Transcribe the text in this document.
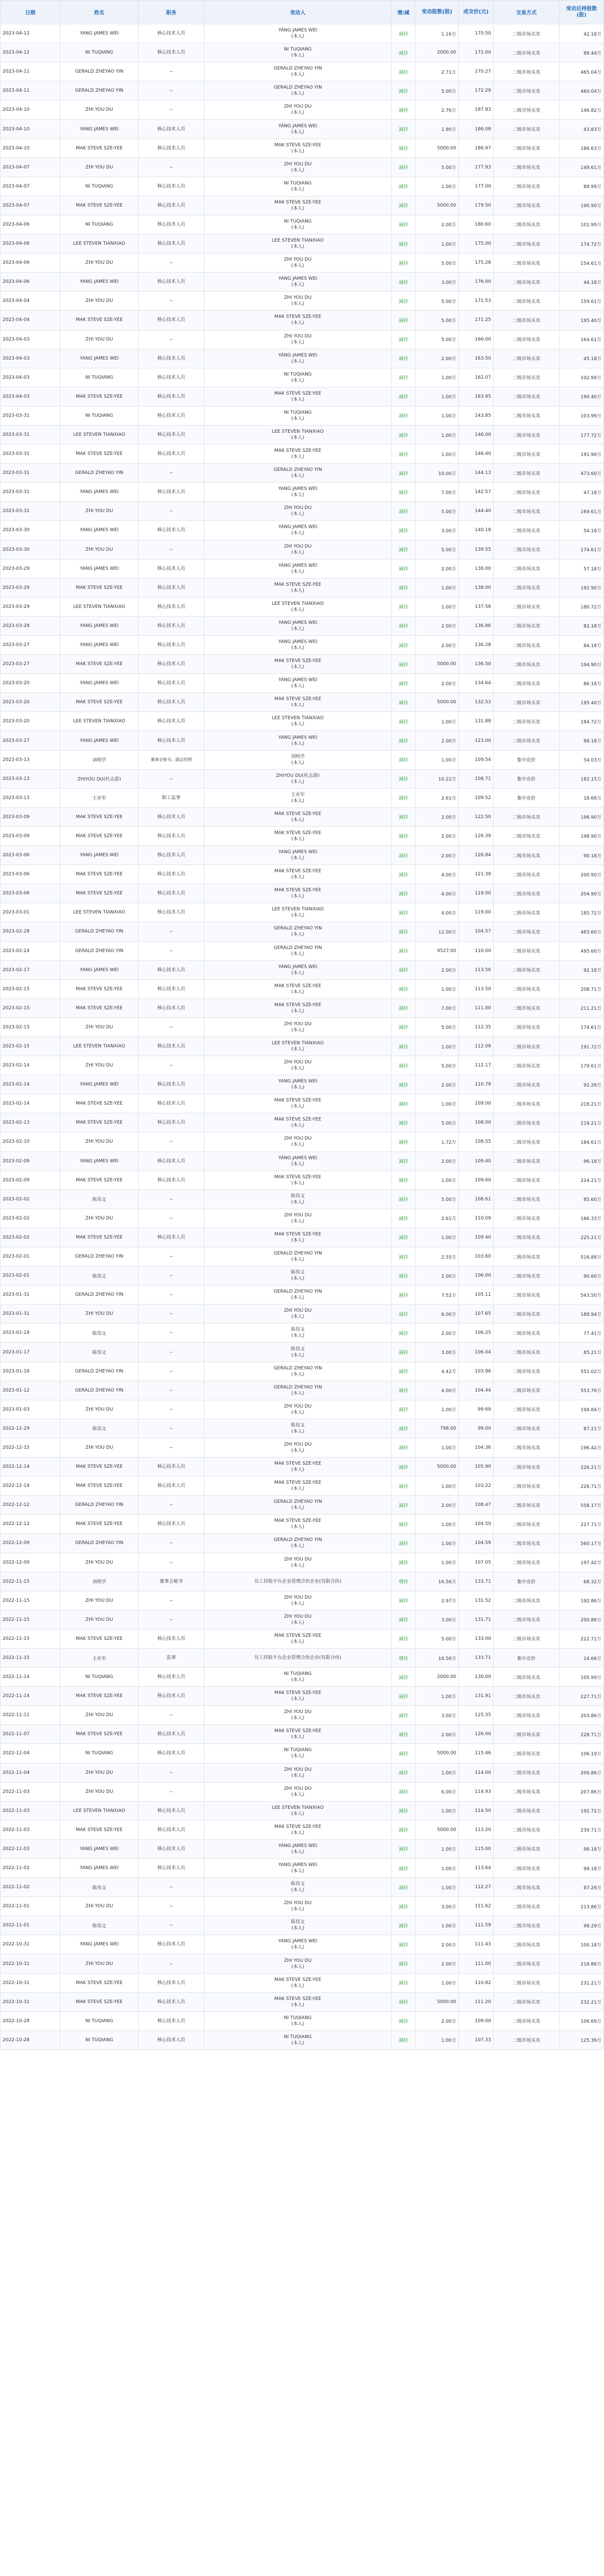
日期	姓名	职务	变动人	增/减	变动股数(股)	成交价(元)	交易方式	变动后持股数(股)
2023-04-12	YANG JAMES WEI	核心技术人员	YANG JAMES WEI
(本人)	减持	1.16万	170.50	二级市场买卖	42.18万
2023-04-12	NI TUQIANG	核心技术人员	NI TUQIANG
(本人)	减持	2000.00	172.00	二级市场买卖	88.44万
2023-04-11	GERALD ZHEYAO YIN	--	GERALD ZHEYAO YIN
(本人)	减持	2.71万	170.27	二级市场买卖	465.04万
2023-04-11	GERALD ZHEYAO YIN	--	GERALD ZHEYAO YIN
(本人)	减持	5.00万	172.29	二级市场买卖	460.04万
2023-04-10	ZHI YOU DU	--	ZHI YOU DU
(本人)	减持	2.76万	187.93	二级市场买卖	146.82万
2023-04-10	YANG JAMES WEI	核心技术人员	YANG JAMES WEI
(本人)	减持	1.90万	186.08	二级市场买卖	43.83万
2023-04-10	MAK STEVE SZE-YEE	核心技术人员	MAK STEVE SZE-YEE
(本人)	减持	5000.00	186.97	二级市场买卖	186.63万
2023-04-07	ZHI YOU DU	--	ZHI YOU DU
(本人)	减持	5.00万	177.93	二级市场买卖	149.61万
2023-04-07	NI TUQIANG	核心技术人员	NI TUQIANG
(本人)	减持	1.00万	177.00	二级市场买卖	88.99万
2023-04-07	MAK STEVE SZE-YEE	核心技术人员	MAK STEVE SZE-YEE
(本人)	减持	5000.00	179.50	二级市场买卖	190.90万
2023-04-06	NI TUQIANG	核心技术人员	NI TUQIANG
(本人)	减持	2.00万	180.60	二级市场买卖	101.99万
2023-04-06	LEE STEVEN TIANXIAO	核心技术人员	LEE STEVEN TIANXIAO
(本人)	减持	1.00万	175.00	二级市场买卖	174.72万
2023-04-06	ZHI YOU DU	--	ZHI YOU DU
(本人)	减持	5.00万	175.28	二级市场买卖	154.61万
2023-04-06	YANG JAMES WEI	核心技术人员	YANG JAMES WEI
(本人)	减持	3.00万	176.00	二级市场买卖	44.18万
2023-04-04	ZHI YOU DU	--	ZHI YOU DU
(本人)	减持	5.00万	171.53	二级市场买卖	159.61万
2023-04-04	MAK STEVE SZE-YEE	核心技术人员	MAK STEVE SZE-YEE
(本人)	减持	5.00万	171.25	二级市场买卖	195.40万
2023-04-03	ZHI YOU DU	--	ZHI YOU DU
(本人)	减持	5.00万	166.00	二级市场买卖	164.61万
2023-04-03	YANG JAMES WEI	核心技术人员	YANG JAMES WEI
(本人)	减持	2.00万	163.50	二级市场买卖	45.18万
2023-04-03	NI TUQIANG	核心技术人员	NI TUQIANG
(本人)	减持	1.00万	162.07	二级市场买卖	102.99万
2023-04-03	MAK STEVE SZE-YEE	核心技术人员	MAK STEVE SZE-YEE
(本人)	减持	1.00万	163.95	二级市场买卖	190.40万
2023-03-31	NI TUQIANG	核心技术人员	NI TUQIANG
(本人)	减持	1.00万	143.85	二级市场买卖	103.99万
2023-03-31	LEE STEVEN TIANXIAO	核心技术人员	LEE STEVEN TIANXIAO
(本人)	减持	1.00万	146.00	二级市场买卖	177.72万
2023-03-31	MAK STEVE SZE-YEE	核心技术人员	MAK STEVE SZE-YEE
(本人)	减持	1.00万	146.40	二级市场买卖	191.90万
2023-03-31	GERALD ZHEYAO YIN	--	GERALD ZHEYAO YIN
(本人)	减持	10.00万	144.13	二级市场买卖	473.60万
2023-03-31	YANG JAMES WEI	核心技术人员	YANG JAMES WEI
(本人)	减持	7.00万	142.57	二级市场买卖	47.18万
2023-03-31	ZHI YOU DU	--	ZHI YOU DU
(本人)	减持	5.00万	144.40	二级市场买卖	169.61万
2023-03-30	YANG JAMES WEI	核心技术人员	YANG JAMES WEI
(本人)	减持	3.00万	140.18	二级市场买卖	54.18万
2023-03-30	ZHI YOU DU	--	ZHI YOU DU
(本人)	减持	5.00万	139.55	二级市场买卖	174.61万
2023-03-29	YANG JAMES WEI	核心技术人员	YANG JAMES WEI
(本人)	减持	2.00万	136.00	二级市场买卖	57.18万
2023-03-29	MAK STEVE SZE-YEE	核心技术人员	MAK STEVE SZE-YEE
(本人)	减持	1.00万	138.00	二级市场买卖	192.90万
2023-03-29	LEE STEVEN TIANXIAO	核心技术人员	LEE STEVEN TIANXIAO
(本人)	减持	1.00万	137.56	二级市场买卖	180.72万
2023-03-28	YANG JAMES WEI	核心技术人员	YANG JAMES WEI
(本人)	减持	2.00万	136.86	二级市场买卖	82.18万
2023-03-27	YANG JAMES WEI	核心技术人员	YANG JAMES WEI
(本人)	减持	2.00万	136.28	二级市场买卖	84.18万
2023-03-27	MAK STEVE SZE-YEE	核心技术人员	MAK STEVE SZE-YEE
(本人)	减持	5000.00	136.50	二级市场买卖	194.90万
2023-03-20	YANG JAMES WEI	核心技术人员	YANG JAMES WEI
(本人)	减持	2.00万	134.64	二级市场买卖	86.18万
2023-03-20	MAK STEVE SZE-YEE	核心技术人员	MAK STEVE SZE-YEE
(本人)	减持	5000.00	132.53	二级市场买卖	195.40万
2023-03-20	LEE STEVEN TIANXIAO	核心技术人员	LEE STEVEN TIANXIAO
(本人)	减持	1.00万	131.88	二级市场买卖	184.72万
2023-03-17	YANG JAMES WEI	核心技术人员	YANG JAMES WEI
(本人)	减持	2.00万	123.00	二级市场买卖	88.18万
2023-03-13	刘明学	董事会秘书、副总经理	刘明学
(本人)	减持	1.00万	109.54	集中竞价	54.03万
2023-03-13	ZHIYOU DU(杜志游)	--	ZHIYOU DU(杜志游)
(本人)	减持	10.22万	108.71	集中竞价	182.15万
2023-03-13	王亦军	职工监事	王亦军
(本人)	减持	2.61万	109.52	集中竞价	18.66万
2023-03-09	MAK STEVE SZE-YEE	核心技术人员	MAK STEVE SZE-YEE
(本人)	减持	2.00万	122.50	二级市场买卖	196.90万
2023-03-09	MAK STEVE SZE-YEE	核心技术人员	MAK STEVE SZE-YEE
(本人)	减持	2.00万	126.39	二级市场买卖	198.90万
2023-03-06	YANG JAMES WEI	核心技术人员	YANG JAMES WEI
(本人)	减持	2.00万	126.84	二级市场买卖	90.18万
2023-03-06	MAK STEVE SZE-YEE	核心技术人员	MAK STEVE SZE-YEE
(本人)	减持	4.00万	121.39	二级市场买卖	200.90万
2023-03-06	MAK STEVE SZE-YEE	核心技术人员	MAK STEVE SZE-YEE
(本人)	减持	4.00万	119.00	二级市场买卖	204.90万
2023-03-01	LEE STEVEN TIANXIAO	核心技术人员	LEE STEVEN TIANXIAO
(本人)	减持	4.00万	119.00	二级市场买卖	185.72万
2023-02-28	GERALD ZHEYAO YIN	--	GERALD ZHEYAO YIN
(本人)	减持	12.00万	104.57	二级市场买卖	483.60万
2023-02-24	GERALD ZHEYAO YIN	--	GERALD ZHEYAO YIN
(本人)	减持	9527.00	110.00	二级市场买卖	495.60万
2023-02-17	YANG JAMES WEI	核心技术人员	YANG JAMES WEI
(本人)	减持	2.00万	113.56	二级市场买卖	92.18万
2023-02-15	MAK STEVE SZE-YEE	核心技术人员	MAK STEVE SZE-YEE
(本人)	减持	1.00万	113.50	二级市场买卖	208.71万
2023-02-15	MAK STEVE SZE-YEE	核心技术人员	MAK STEVE SZE-YEE
(本人)	减持	7.00万	111.00	二级市场买卖	211.21万
2023-02-15	ZHI YOU DU	--	ZHI YOU DU
(本人)	减持	5.00万	112.35	二级市场买卖	174.61万
2023-02-15	LEE STEVEN TIANXIAO	核心技术人员	LEE STEVEN TIANXIAO
(本人)	减持	1.00万	112.09	二级市场买卖	191.72万
2023-02-14	ZHI YOU DU	--	ZHI YOU DU
(本人)	减持	5.00万	112.17	二级市场买卖	179.61万
2023-02-14	YANG JAMES WEI	核心技术人员	YANG JAMES WEI
(本人)	减持	2.00万	110.79	二级市场买卖	92.28万
2023-02-14	MAK STEVE SZE-YEE	核心技术人员	MAK STEVE SZE-YEE
(本人)	减持	1.00万	109.00	二级市场买卖	218.21万
2023-02-13	MAK STEVE SZE-YEE	核心技术人员	MAK STEVE SZE-YEE
(本人)	减持	5.00万	108.00	二级市场买卖	219.21万
2023-02-10	ZHI YOU DU	--	ZHI YOU DU
(本人)	减持	1.72万	108.55	二级市场买卖	184.61万
2023-02-09	YANG JAMES WEI	核心技术人员	YANG JAMES WEI
(本人)	减持	2.00万	109.40	二级市场买卖	96.18万
2023-02-09	MAK STEVE SZE-YEE	核心技术人员	MAK STEVE SZE-YEE
(本人)	减持	1.00万	109.60	二级市场买卖	224.21万
2023-02-02	陈伟文	--	陈伟文
(本人)	减持	5.00万	108.61	二级市场买卖	85.60万
2023-02-02	ZHI YOU DU	--	ZHI YOU DU
(本人)	减持	2.61万	110.09	二级市场买卖	186.33万
2023-02-02	MAK STEVE SZE-YEE	核心技术人员	MAK STEVE SZE-YEE
(本人)	减持	1.00万	109.40	二级市场买卖	225.21万
2023-02-01	GERALD ZHEYAO YIN	--	GERALD ZHEYAO YIN
(本人)	减持	2.55万	103.60	二级市场买卖	516.88万
2023-02-01	陈伟文	--	陈伟文
(本人)	减持	2.00万	106.00	二级市场买卖	90.60万
2023-01-31	GERALD ZHEYAO YIN	--	GERALD ZHEYAO YIN
(本人)	减持	7.52万	105.11	二级市场买卖	543.50万
2023-01-31	ZHI YOU DU	--	ZHI YOU DU
(本人)	减持	6.00万	107.65	二级市场买卖	188.94万
2023-01-18	陈伟文	--	陈伟文
(本人)	减持	2.00万	106.25	二级市场买卖	77.41万
2023-01-17	陈伟文	--	陈伟文
(本人)	减持	3.00万	106.04	二级市场买卖	85.21万
2023-01-16	GERALD ZHEYAO YIN	--	GERALD ZHEYAO YIN
(本人)	减持	4.42万	103.96	二级市场买卖	551.02万
2023-01-12	GERALD ZHEYAO YIN	--	GERALD ZHEYAO YIN
(本人)	减持	4.00万	104.44	二级市场买卖	553.76万
2023-01-03	ZHI YOU DU	--	ZHI YOU DU
(本人)	减持	1.00万	99.69	二级市场买卖	194.84万
2022-12-29	陈伟文	--	陈伟文
(本人)	减持	798.00	99.00	二级市场买卖	87.21万
2022-12-15	ZHI YOU DU	--	ZHI YOU DU
(本人)	减持	1.00万	104.36	二级市场买卖	196.42万
2022-12-14	MAK STEVE SZE-YEE	核心技术人员	MAK STEVE SZE-YEE
(本人)	减持	5000.00	105.90	二级市场买卖	226.21万
2022-12-14	MAK STEVE SZE-YEE	核心技术人员	MAK STEVE SZE-YEE
(本人)	减持	1.00万	103.22	二级市场买卖	226.71万
2022-12-12	GERALD ZHEYAO YIN	--	GERALD ZHEYAO YIN
(本人)	减持	2.00万	108.47	二级市场买卖	558.17万
2022-12-12	MAK STEVE SZE-YEE	核心技术人员	MAK STEVE SZE-YEE
(本人)	减持	1.00万	104.50	二级市场买卖	227.71万
2022-12-09	GERALD ZHEYAO YIN	--	GERALD ZHEYAO YIN
(本人)	减持	1.00万	104.59	二级市场买卖	560.17万
2022-12-09	ZHI YOU DU	--	ZHI YOU DU
(本人)	减持	1.00万	107.05	二级市场买卖	197.42万
2022-11-15	刘明学	董事会秘书	员工持股平台企业管理合伙企业(有限合伙)	增持	16.56万	133.71	集中竞价	68.32万
2022-11-15	ZHI YOU DU	--	ZHI YOU DU
(本人)	减持	2.97万	131.52	二级市场买卖	192.86万
2022-11-15	ZHI YOU DU	--	ZHI YOU DU
(本人)	减持	3.00万	131.71	二级市场买卖	200.86万
2022-11-15	MAK STEVE SZE-YEE	核心技术人员	MAK STEVE SZE-YEE
(本人)	减持	5.00万	133.00	二级市场买卖	222.71万
2022-11-15	王亦军	监事	员工持股平台企业管理合伙企业(有限合伙)	增持	16.56万	133.71	集中竞价	14.66万
2022-11-14	NI TUQIANG	核心技术人员	NI TUQIANG
(本人)	减持	2000.00	130.00	二级市场买卖	105.99万
2022-11-14	MAK STEVE SZE-YEE	核心技术人员	MAK STEVE SZE-YEE
(本人)	减持	1.00万	131.91	二级市场买卖	227.71万
2022-11-11	ZHI YOU DU	--	ZHI YOU DU
(本人)	减持	3.00万	125.35	二级市场买卖	203.86万
2022-11-07	MAK STEVE SZE-YEE	核心技术人员	MAK STEVE SZE-YEE
(本人)	减持	2.00万	126.00	二级市场买卖	228.71万
2022-11-04	NI TUQIANG	核心技术人员	NI TUQIANG
(本人)	减持	5000.00	115.46	二级市场买卖	106.19万
2022-11-04	ZHI YOU DU	--	ZHI YOU DU
(本人)	减持	1.00万	114.00	二级市场买卖	206.86万
2022-11-03	ZHI YOU DU	--	ZHI YOU DU
(本人)	减持	6.00万	114.93	二级市场买卖	207.86万
2022-11-03	LEE STEVEN TIANXIAO	核心技术人员	LEE STEVEN TIANXIAO
(本人)	减持	1.00万	114.50	二级市场买卖	192.72万
2022-11-03	MAK STEVE SZE-YEE	核心技术人员	MAK STEVE SZE-YEE
(本人)	减持	5000.00	113.20	二级市场买卖	230.71万
2022-11-03	YANG JAMES WEI	核心技术人员	YANG JAMES WEI
(本人)	减持	1.00万	115.00	二级市场买卖	98.18万
2022-11-02	YANG JAMES WEI	核心技术人员	YANG JAMES WEI
(本人)	减持	1.00万	113.64	二级市场买卖	99.18万
2022-11-02	陈伟文	--	陈伟文
(本人)	减持	1.00万	112.27	二级市场买卖	87.29万
2022-11-01	ZHI YOU DU	--	ZHI YOU DU
(本人)	减持	3.00万	111.62	二级市场买卖	213.86万
2022-11-01	陈伟文	--	陈伟文
(本人)	减持	1.00万	111.59	二级市场买卖	98.29万
2022-10-31	YANG JAMES WEI	核心技术人员	YANG JAMES WEI
(本人)	减持	2.00万	111.43	二级市场买卖	100.18万
2022-10-31	ZHI YOU DU	--	ZHI YOU DU
(本人)	减持	2.00万	111.00	二级市场买卖	216.86万
2022-10-31	MAK STEVE SZE-YEE	核心技术人员	MAK STEVE SZE-YEE
(本人)	减持	1.00万	110.82	二级市场买卖	231.21万
2022-10-31	MAK STEVE SZE-YEE	核心技术人员	MAK STEVE SZE-YEE
(本人)	减持	5000.00	111.20	二级市场买卖	232.21万
2022-10-28	NI TUQIANG	核心技术人员	NI TUQIANG
(本人)	减持	2.00万	109.00	二级市场买卖	106.69万
2022-10-28	NI TUQIANG	核心技术人员	NI TUQIANG
(本人)	减持	1.00万	107.33	二级市场买卖	125.39万
